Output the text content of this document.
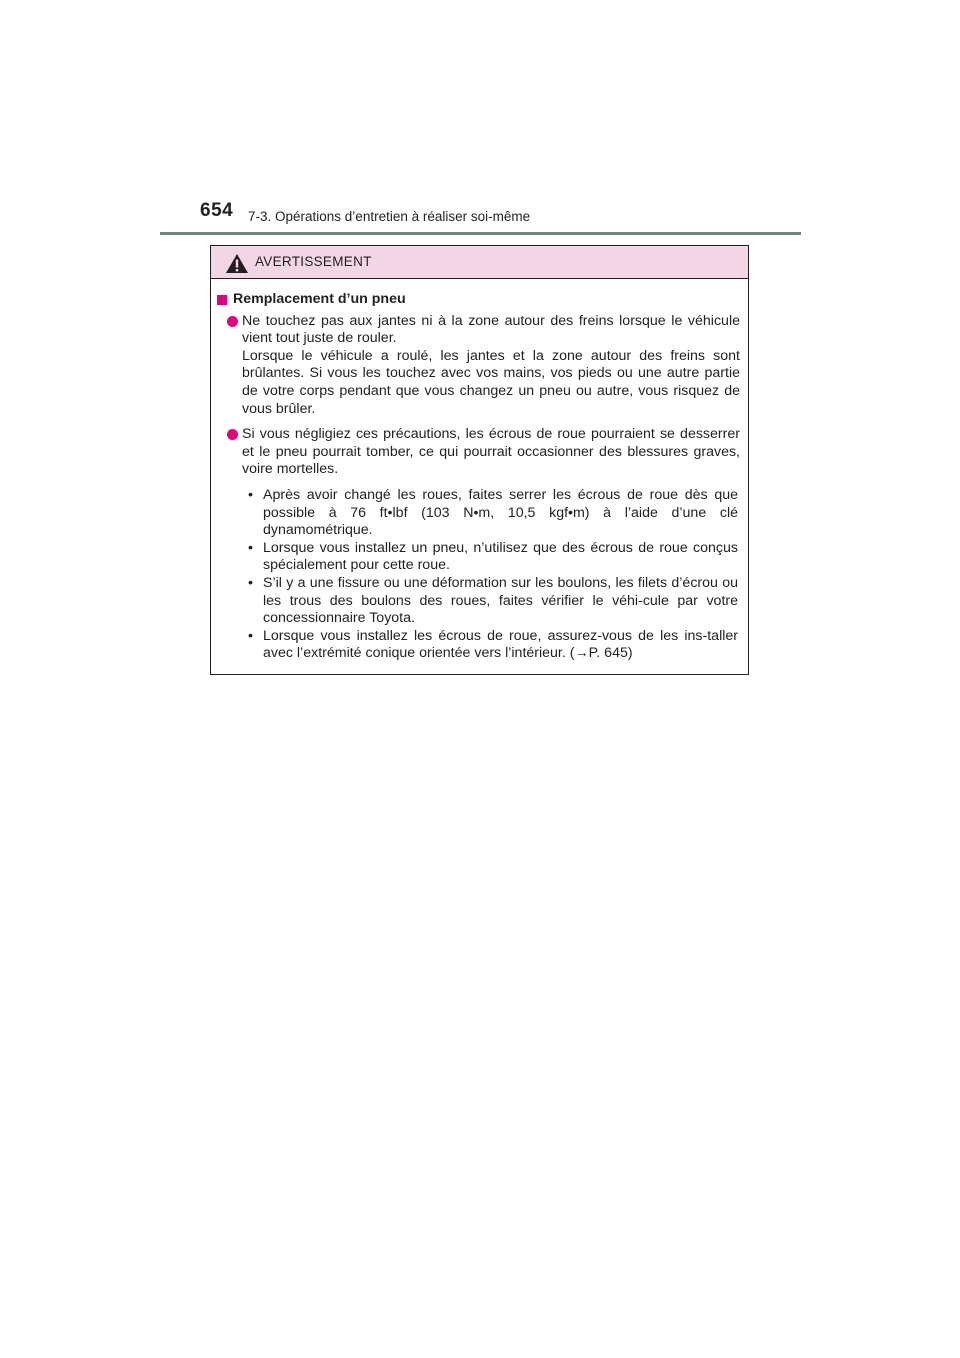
654 7-3. Opérations d’entretien à réaliser soi-même
AVERTISSEMENT
Remplacement d’un pneu
Ne touchez pas aux jantes ni à la zone autour des freins lorsque le véhicule vient tout juste de rouler.
Lorsque le véhicule a roulé, les jantes et la zone autour des freins sont brûlantes. Si vous les touchez avec vos mains, vos pieds ou une autre partie de votre corps pendant que vous changez un pneu ou autre, vous risquez de vous brûler.
Si vous négligiez ces précautions, les écrous de roue pourraient se desserrer et le pneu pourrait tomber, ce qui pourrait occasionner des blessures graves, voire mortelles.
• Après avoir changé les roues, faites serrer les écrous de roue dès que possible à 76 ft•lbf (103 N•m, 10,5 kgf•m) à l’aide d’une clé dynamométrique.
• Lorsque vous installez un pneu, n’utilisez que des écrous de roue conçus spécialement pour cette roue.
• S’il y a une fissure ou une déformation sur les boulons, les filets d’écrou ou les trous des boulons des roues, faites vérifier le véhi-cule par votre concessionnaire Toyota.
• Lorsque vous installez les écrous de roue, assurez-vous de les ins-taller avec l’extrémité conique orientée vers l’intérieur. (→P. 645)
